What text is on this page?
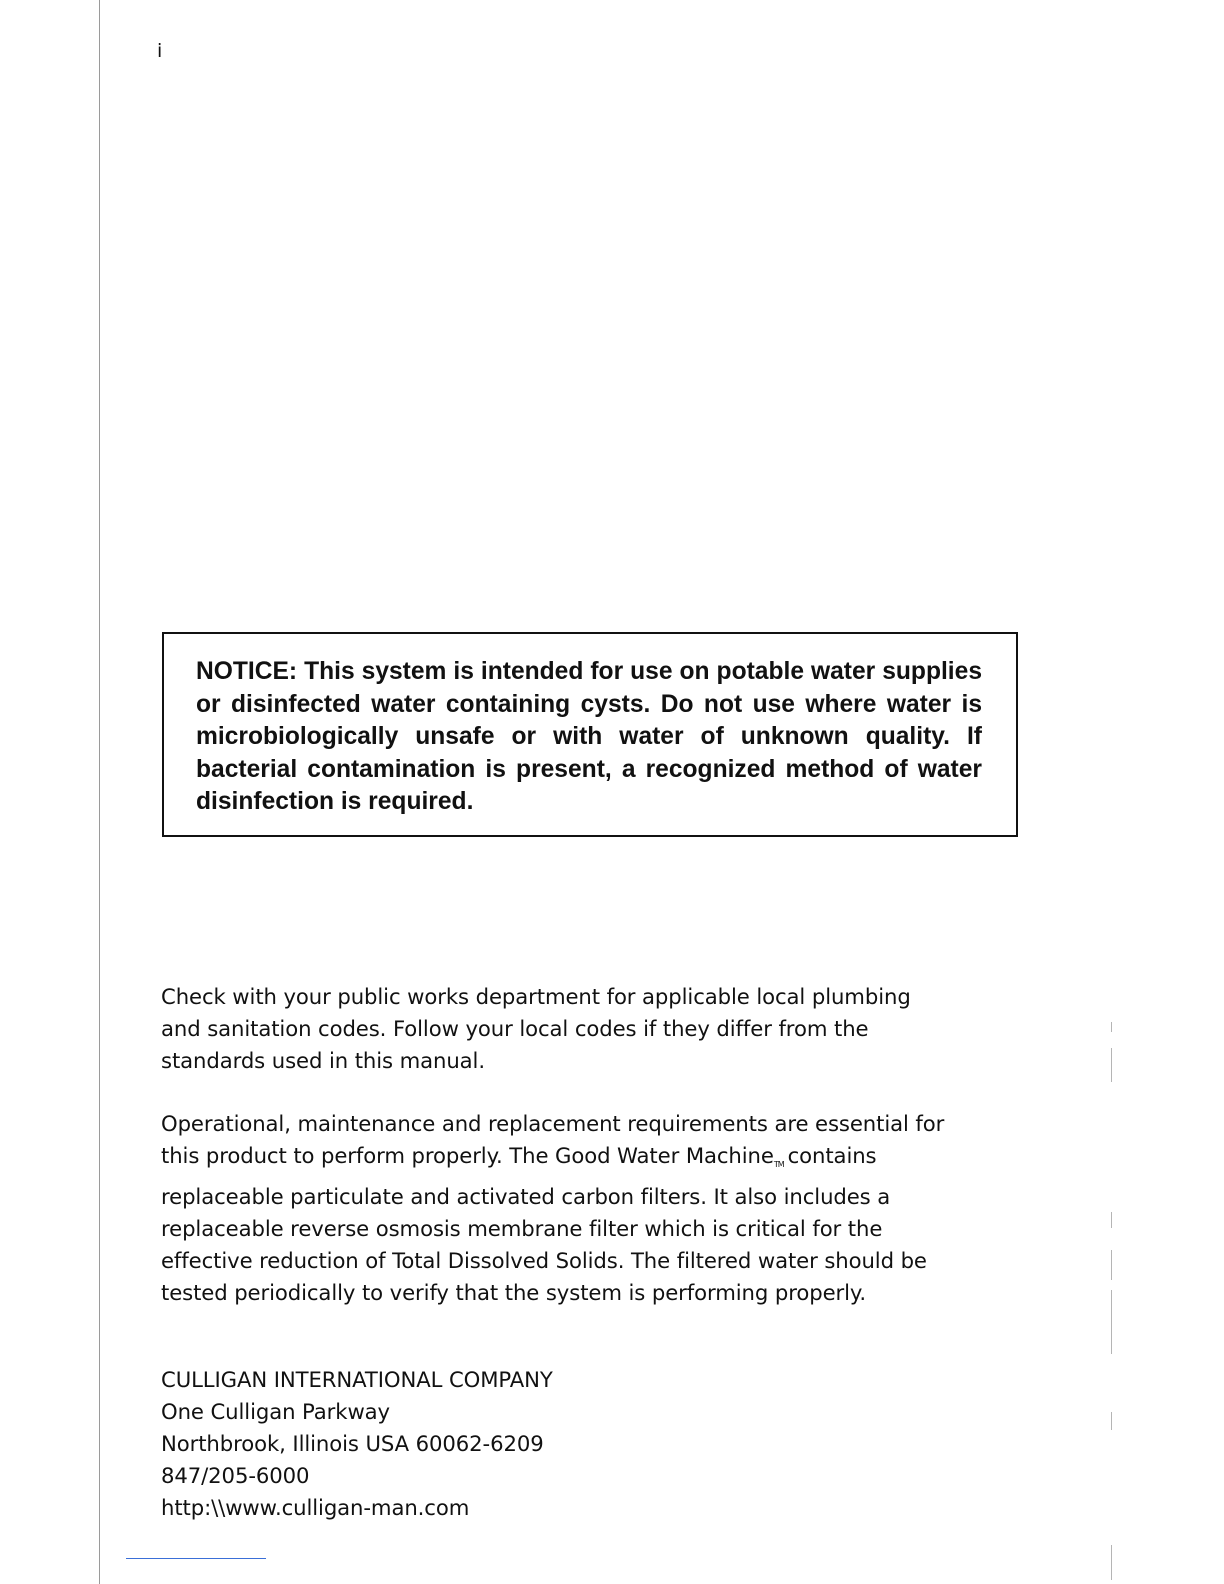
i

NOTICE: This system is intended for use on potable water supplies or disinfected water containing cysts. Do not use where water is microbiologically unsafe or with water of unknown quality. If bacterial contamination is present, a recognized method of water disinfection is required.

Check with your public works department for applicable local plumbing
and sanitation codes. Follow your local codes if they differ from the
standards used in this manual.

Operational, maintenance and replacement requirements are essential for
this product to perform properly. The Good Water MachineTM contains
replaceable particulate and activated carbon filters. It also includes a
replaceable reverse osmosis membrane filter which is critical for the
effective reduction of Total Dissolved Solids. The filtered water should be
tested periodically to verify that the system is performing properly.

CULLIGAN INTERNATIONAL COMPANY
One Culligan Parkway
Northbrook, Illinois USA 60062-6209
847/205-6000
http:\\www.culligan-man.com
